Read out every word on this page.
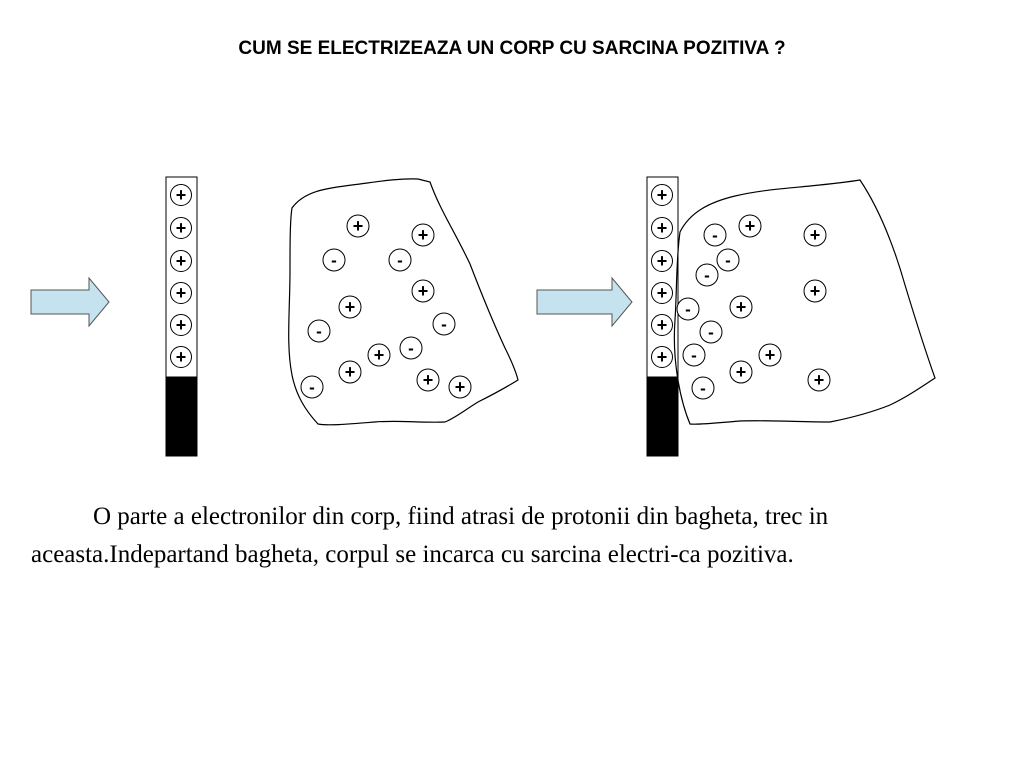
CUM SE ELECTRIZEAZA UN CORP CU SARCINA POZITIVA ?
+
+
+
+
+
+
+	+
-	-
+
+
-	-
+ -
+	+
-	+
+
+
+
+
+
+
- +	+
-
-
- +
+
-
-
-
+
+	+

O parte a electronilor din corp, fiind atrasi de protonii din bagheta, trec in aceasta.Indepartand bagheta, corpul se incarca cu sarcina electri-ca pozitiva.
